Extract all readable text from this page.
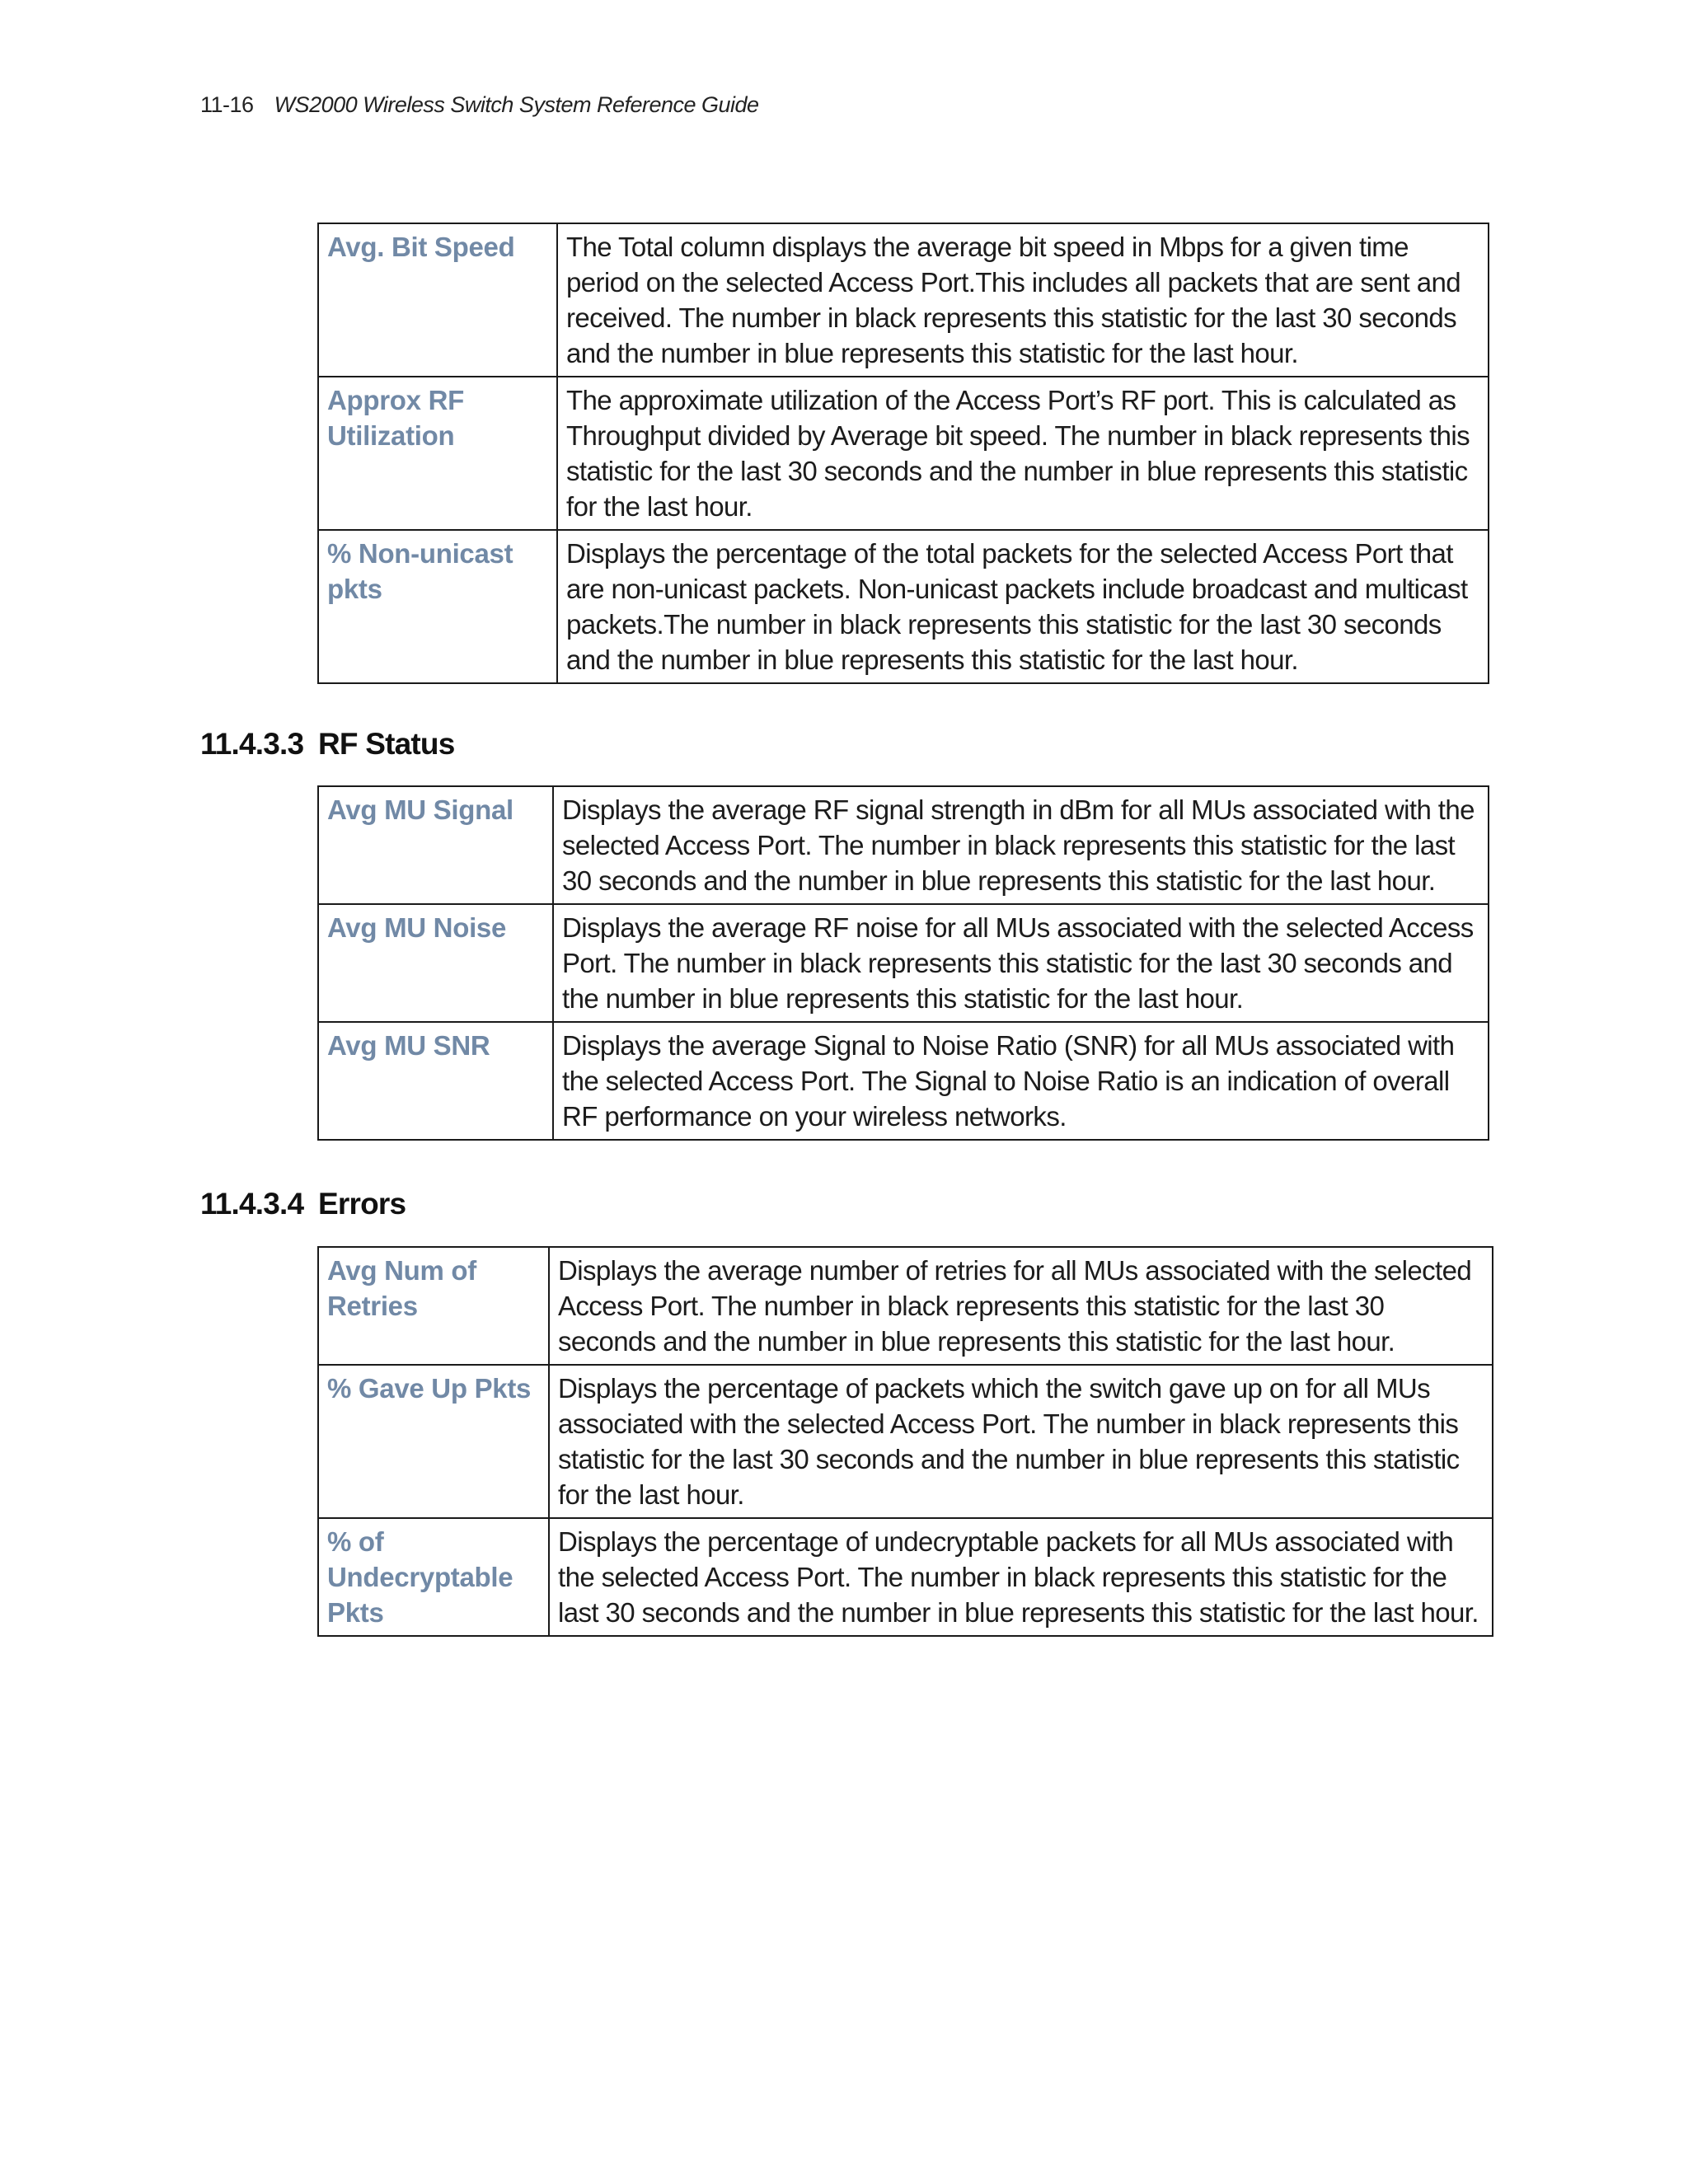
11-16 WS2000 Wireless Switch System Reference Guide
Avg. Bit Speed	The Total column displays the average bit speed in Mbps for a given time period on the selected Access Port.This includes all packets that are sent and received. The number in black represents this statistic for the last 30 seconds and the number in blue represents this statistic for the last hour.
Approx RF Utilization	The approximate utilization of the Access Port’s RF port. This is calculated as Throughput divided by Average bit speed. The number in black represents this statistic for the last 30 seconds and the number in blue represents this statistic for the last hour.
% Non-unicast pkts	Displays the percentage of the total packets for the selected Access Port that are non-unicast packets. Non-unicast packets include broadcast and multicast packets.The number in black represents this statistic for the last 30 seconds and the number in blue represents this statistic for the last hour.
11.4.3.3 RF Status
Avg MU Signal	Displays the average RF signal strength in dBm for all MUs associated with the selected Access Port. The number in black represents this statistic for the last 30 seconds and the number in blue represents this statistic for the last hour.
Avg MU Noise	Displays the average RF noise for all MUs associated with the selected Access Port. The number in black represents this statistic for the last 30 seconds and the number in blue represents this statistic for the last hour.
Avg MU SNR	Displays the average Signal to Noise Ratio (SNR) for all MUs associated with the selected Access Port. The Signal to Noise Ratio is an indication of overall RF performance on your wireless networks.
11.4.3.4 Errors
Avg Num of Retries	Displays the average number of retries for all MUs associated with the selected Access Port. The number in black represents this statistic for the last 30 seconds and the number in blue represents this statistic for the last hour.
% Gave Up Pkts	Displays the percentage of packets which the switch gave up on for all MUs associated with the selected Access Port. The number in black represents this statistic for the last 30 seconds and the number in blue represents this statistic for the last hour.
% of Undecryptable Pkts	Displays the percentage of undecryptable packets for all MUs associated with the selected Access Port. The number in black represents this statistic for the last 30 seconds and the number in blue represents this statistic for the last hour.
